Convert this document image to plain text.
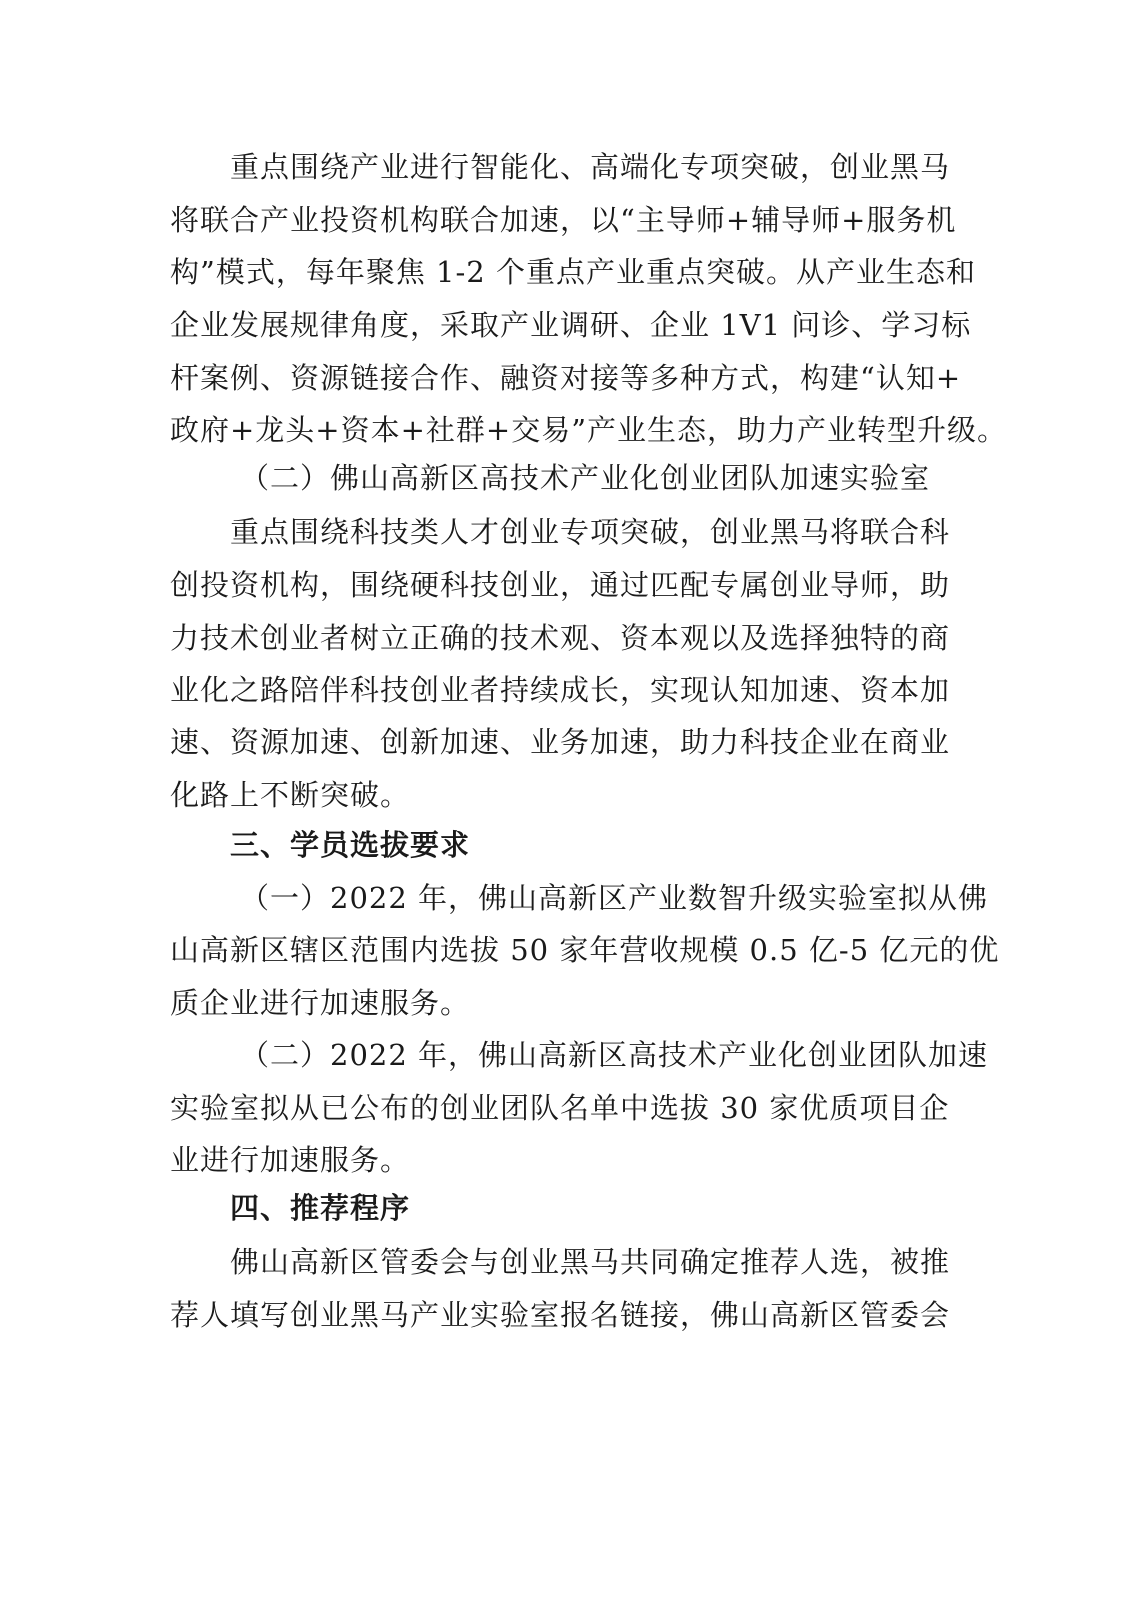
重点围绕产业进行智能化、高端化专项突破，创业黑马
将联合产业投资机构联合加速，以“主导师+辅导师+服务机
构”模式，每年聚焦 1-2 个重点产业重点突破。从产业生态和
企业发展规律角度，采取产业调研、企业 1V1 问诊、学习标
杆案例、资源链接合作、融资对接等多种方式，构建“认知+
政府+龙头+资本+社群+交易”产业生态，助力产业转型升级。
（二）佛山高新区高技术产业化创业团队加速实验室
重点围绕科技类人才创业专项突破，创业黑马将联合科
创投资机构，围绕硬科技创业，通过匹配专属创业导师，助
力技术创业者树立正确的技术观、资本观以及选择独特的商
业化之路陪伴科技创业者持续成长，实现认知加速、资本加
速、资源加速、创新加速、业务加速，助力科技企业在商业
化路上不断突破。
三、学员选拔要求
（一）2022 年，佛山高新区产业数智升级实验室拟从佛
山高新区辖区范围内选拔 50 家年营收规模 0.5 亿-5 亿元的优
质企业进行加速服务。
（二）2022 年，佛山高新区高技术产业化创业团队加速
实验室拟从已公布的创业团队名单中选拔 30 家优质项目企
业进行加速服务。
四、推荐程序
佛山高新区管委会与创业黑马共同确定推荐人选，被推
荐人填写创业黑马产业实验室报名链接，佛山高新区管委会
